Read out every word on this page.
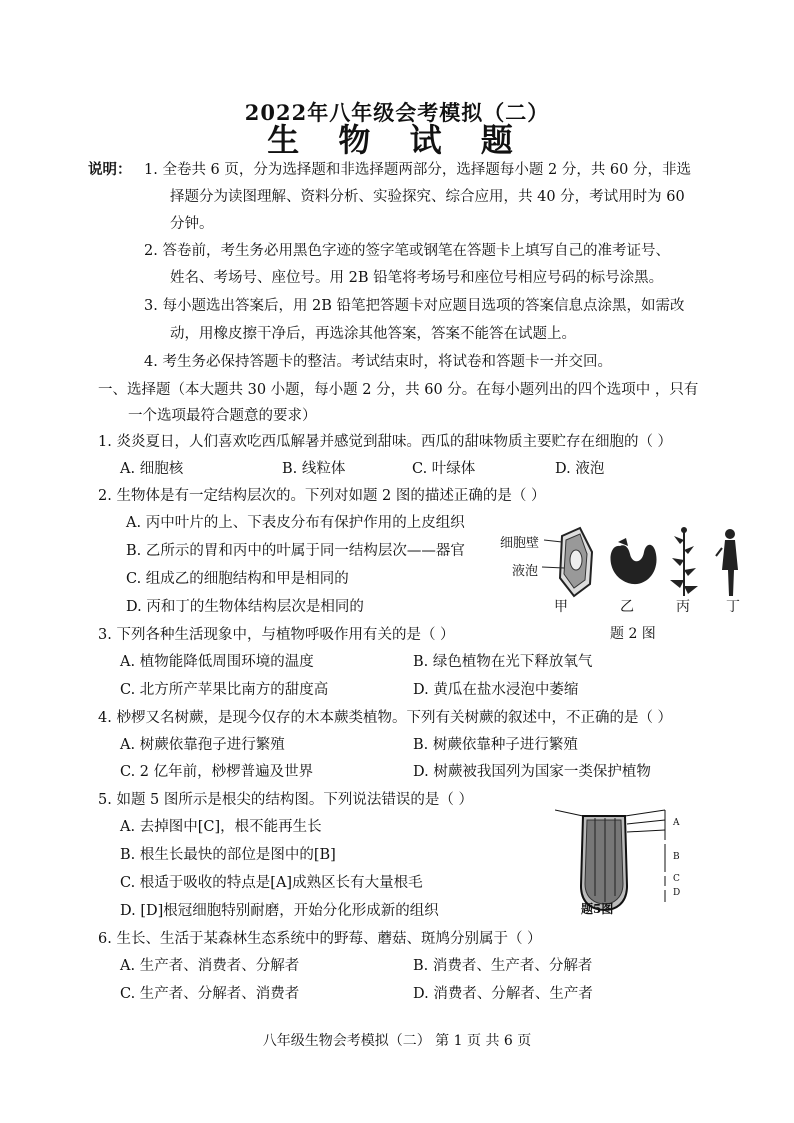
2022年八年级会考模拟（二）
生 物 试 题
说明： 1. 全卷共 6 页，分为选择题和非选择题两部分，选择题每小题 2 分，共 60 分，非选
择题分为读图理解、资料分析、实验探究、综合应用，共 40 分，考试用时为 60
分钟。
2. 答卷前，考生务必用黑色字迹的签字笔或钢笔在答题卡上填写自己的准考证号、
姓名、考场号、座位号。用 2B 铅笔将考场号和座位号相应号码的标号涂黑。
3. 每小题选出答案后，用 2B 铅笔把答题卡对应题目选项的答案信息点涂黑，如需改
动，用橡皮擦干净后，再选涂其他答案，答案不能答在试题上。
4. 考生务必保持答题卡的整洁。考试结束时，将试卷和答题卡一并交回。
一、选择题（本大题共 30 小题，每小题 2 分，共 60 分。在每小题列出的四个选项中 ，只有
一个选项最符合题意的要求）
1. 炎炎夏日，人们喜欢吃西瓜解暑并感觉到甜味。西瓜的甜味物质主要贮存在细胞的（ ）
A. 细胞核	B. 线粒体	C. 叶绿体	D. 液泡
2. 生物体是有一定结构层次的。下列对如题 2 图的描述正确的是（ ）
A. 丙中叶片的上、下表皮分布有保护作用的上皮组织
B. 乙所示的胃和丙中的叶属于同一结构层次——器官
C. 组成乙的细胞结构和甲是相同的
D. 丙和丁的生物体结构层次是相同的
细胞壁
液泡
甲	乙	丙	丁
题 2 图
3. 下列各种生活现象中，与植物呼吸作用有关的是（ ）
A. 植物能降低周围环境的温度	B. 绿色植物在光下释放氧气
C. 北方所产苹果比南方的甜度高	D. 黄瓜在盐水浸泡中萎缩
4. 桫椤又名树蕨，是现今仅存的木本蕨类植物。下列有关树蕨的叙述中，不正确的是（ ）
A. 树蕨依靠孢子进行繁殖	B. 树蕨依靠种子进行繁殖
C. 2 亿年前，桫椤普遍及世界	D. 树蕨被我国列为国家一类保护植物
5. 如题 5 图所示是根尖的结构图。下列说法错误的是（ ）
A. 去掉图中[C]，根不能再生长
B. 根生长最快的部位是图中的[B]
C. 根适于吸收的特点是[A]成熟区长有大量根毛
D. [D]根冠细胞特别耐磨，开始分化形成新的组织
A
B
C
D
题5图
6. 生长、生活于某森林生态系统中的野莓、蘑菇、斑鸠分别属于（ ）
A. 生产者、消费者、分解者	B. 消费者、生产者、分解者
C. 生产者、分解者、消费者	D. 消费者、分解者、生产者
八年级生物会考模拟（二） 第 1 页 共 6 页
